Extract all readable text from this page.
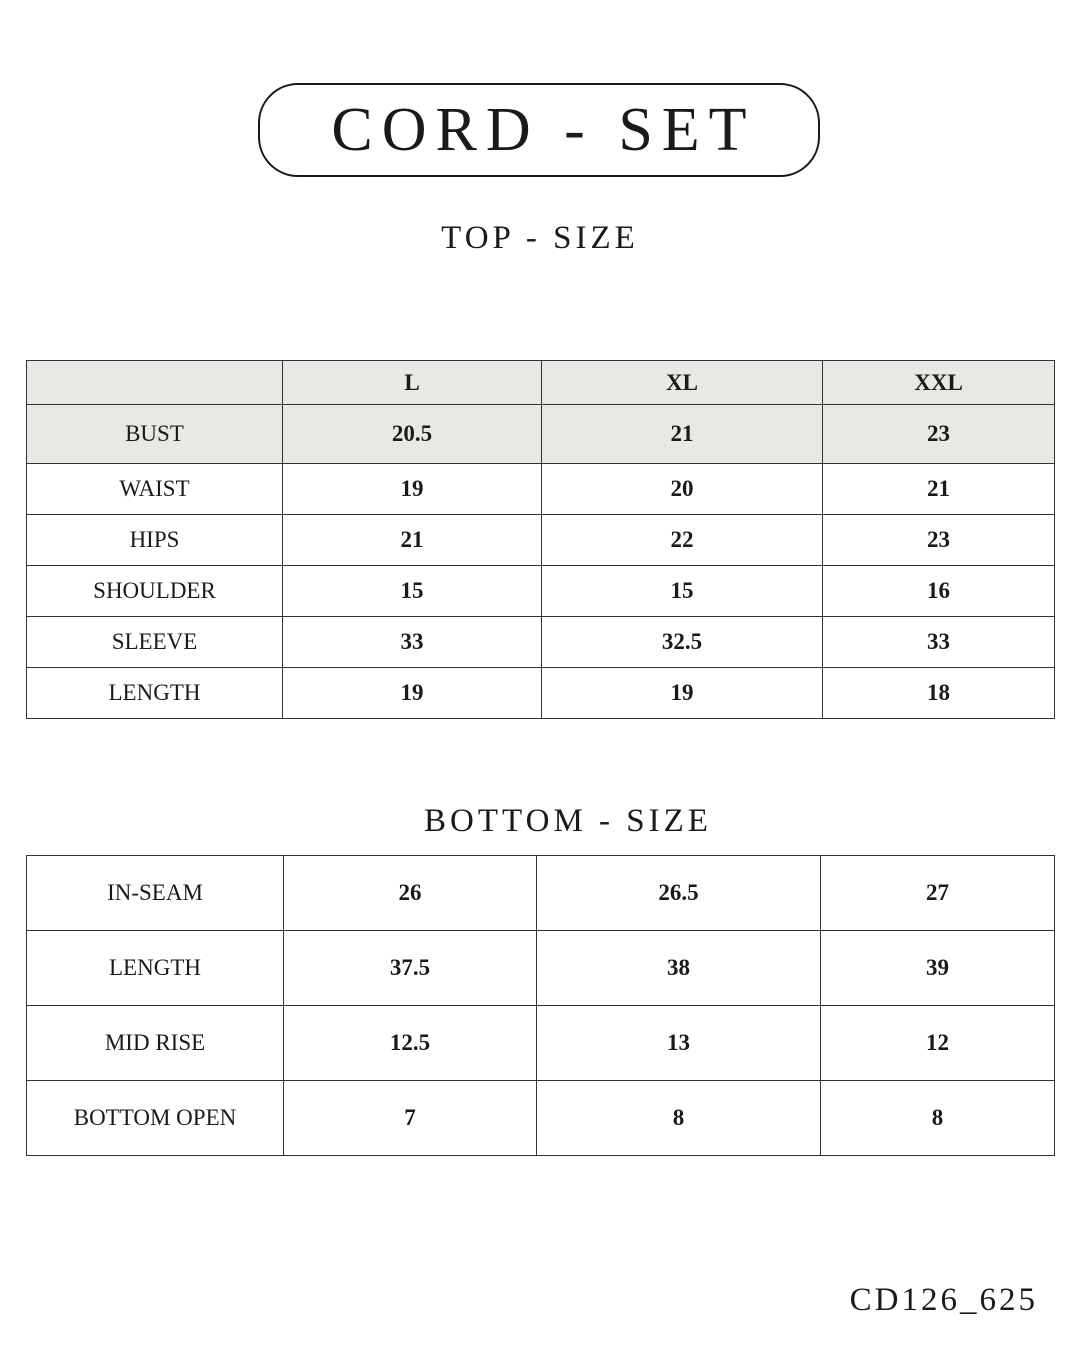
CORD - SET
TOP - SIZE
	L	XL	XXL
BUST	20.5	21	23
WAIST	19	20	21
HIPS	21	22	23
SHOULDER	15	15	16
SLEEVE	33	32.5	33
LENGTH	19	19	18
BOTTOM - SIZE
IN-SEAM	26	26.5	27
LENGTH	37.5	38	39
MID RISE	12.5	13	12
BOTTOM OPEN	7	8	8
CD126_625
